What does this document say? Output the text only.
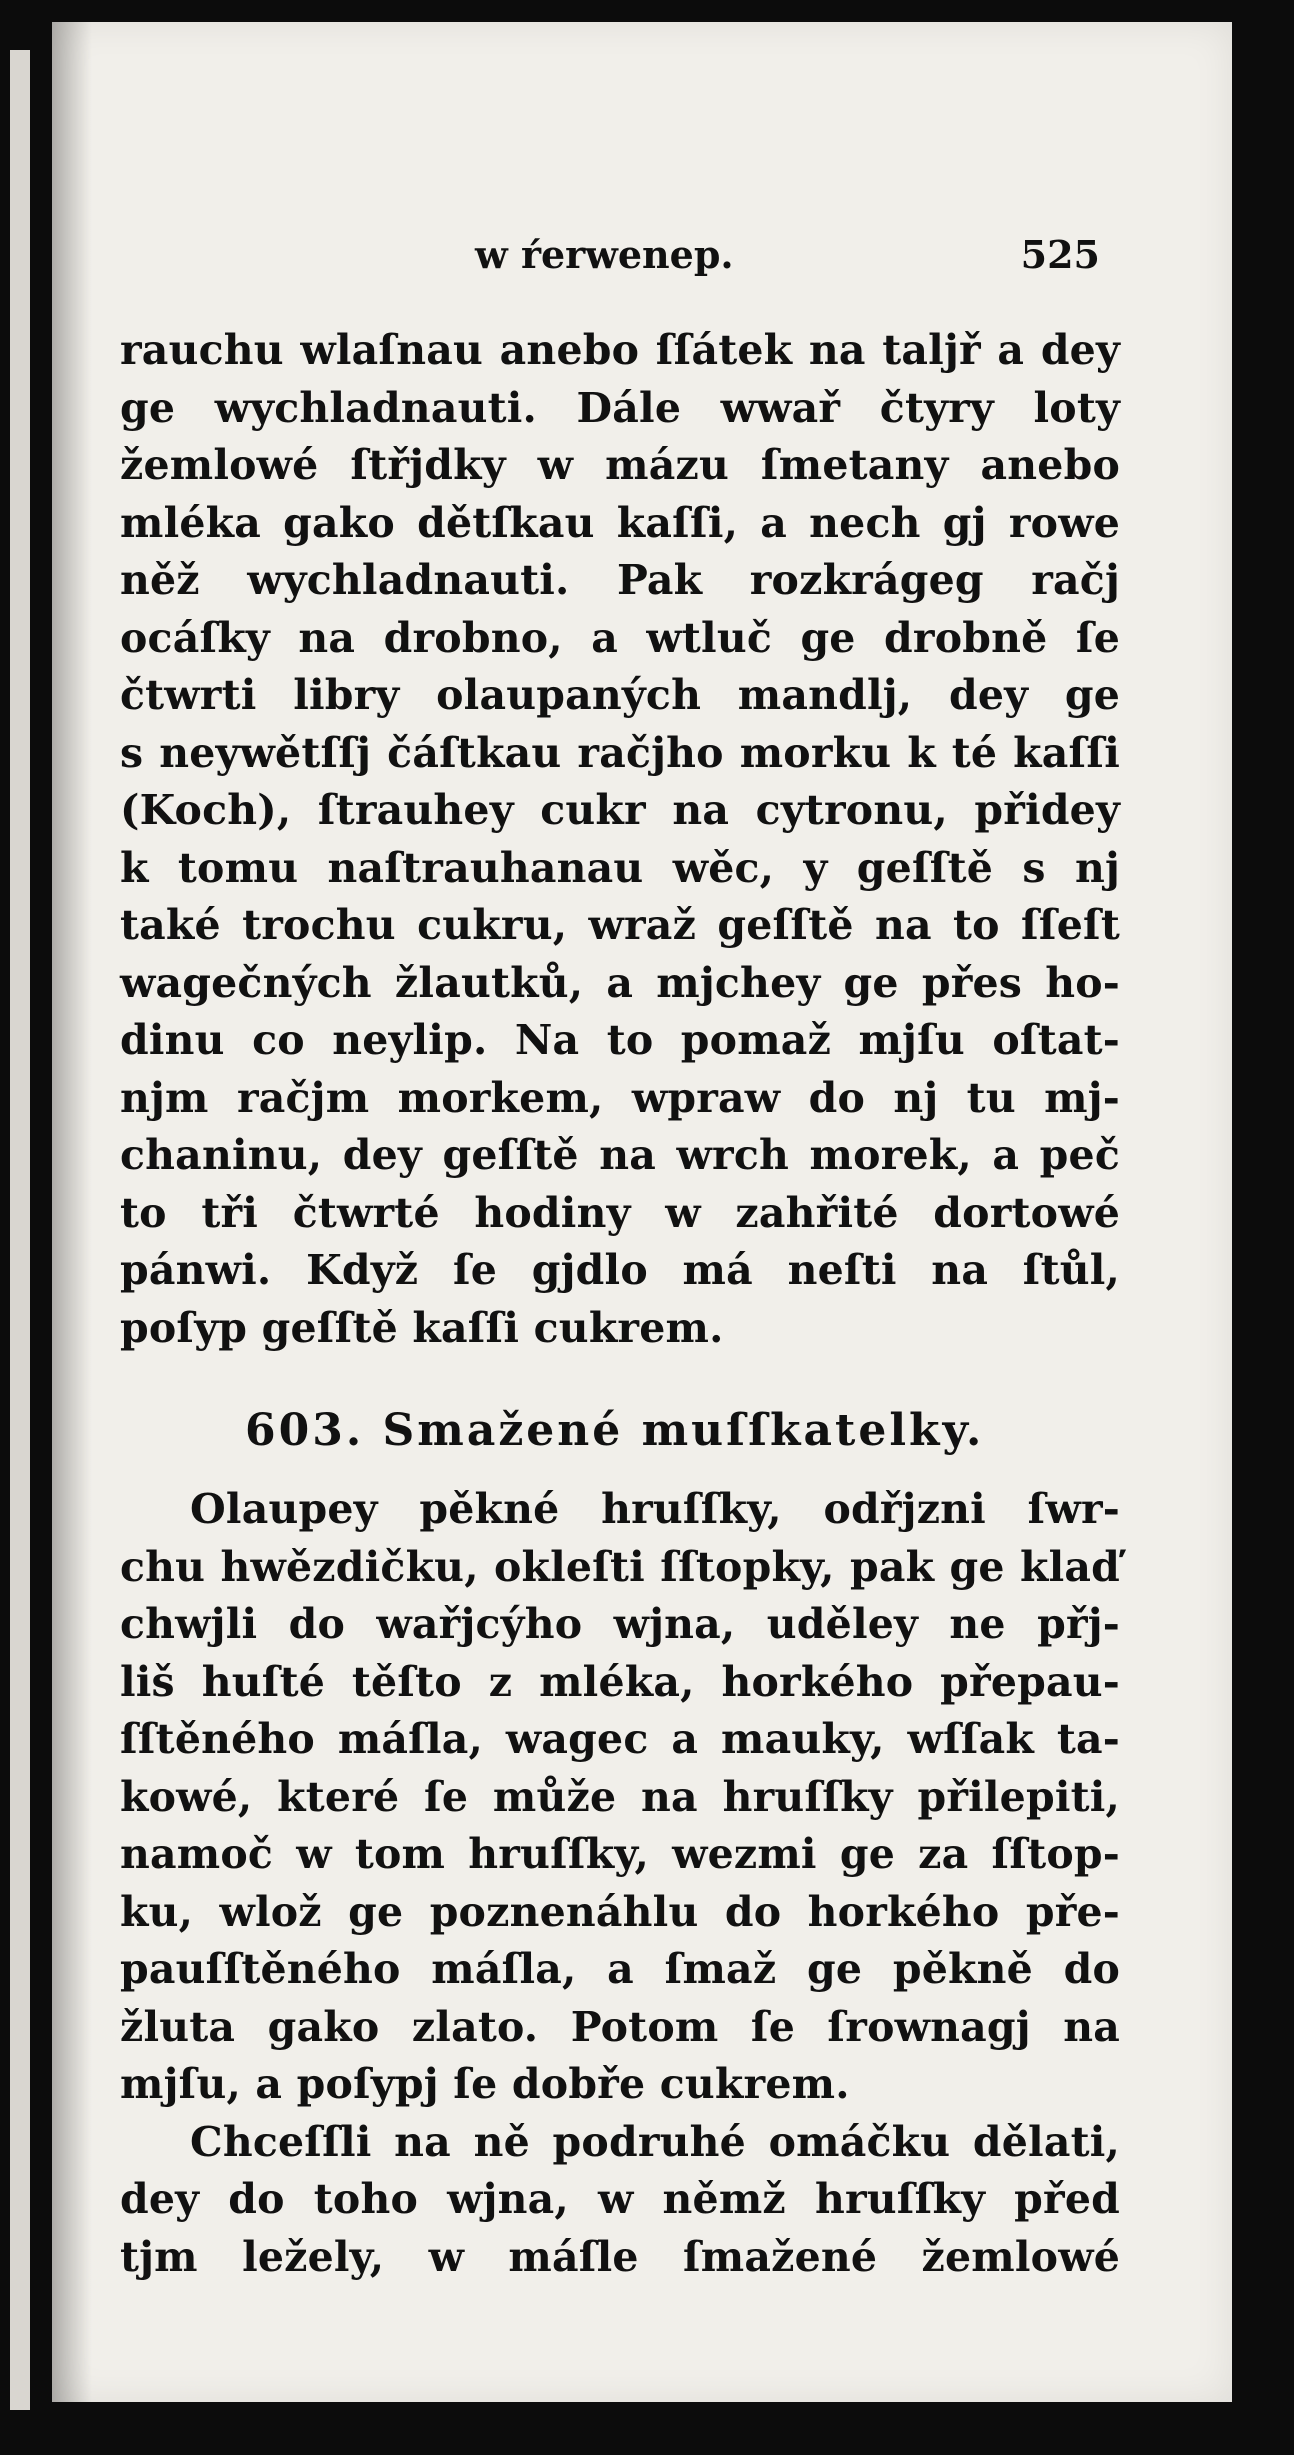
w ŕerwenep.	525
rauchu wlaſnau anebo ſſátek na taljř a dey
ge wychladnauti. Dále wwař čtyry loty
žemlowé ſtřjdky w mázu ſmetany anebo
mléka gako dětſkau kaſſi, a nech gj rowe
něž wychladnauti. Pak rozkrágeg račj
ocáſky na drobno, a wtluč ge drobně ſe
čtwrti libry olaupaných mandlj, dey ge
s neywětſſj čáſtkau račjho morku k té kaſſi
(Koch), ſtrauhey cukr na cytronu, přidey
k tomu naſtrauhanau wěc, y geſſtě s nj
také trochu cukru, wraž geſſtě na to ſſeſt
wagečných žlautků, a mjchey ge přes ho-
dinu co neylip. Na to pomaž mjſu oſtat-
njm račjm morkem, wpraw do nj tu mj-
chaninu, dey geſſtě na wrch morek, a peč
to tři čtwrté hodiny w zahřité dortowé
pánwi. Když ſe gjdlo má neſti na ſtůl,
poſyp geſſtě kaſſi cukrem.
603. Smažené muſſkatelky.
Olaupey pěkné hruſſky, odřjzni ſwr-
chu hwězdičku, okleſti ſſtopky, pak ge klaď
chwjli do wařjcýho wjna, uděley ne přj-
liš huſté těſto z mléka, horkého přepau-
ſſtěného máſla, wagec a mauky, wſſak ta-
kowé, které ſe může na hruſſky přilepiti,
namoč w tom hruſſky, wezmi ge za ſſtop-
ku, wlož ge poznenáhlu do horkého pře-
pauſſtěného máſla, a ſmaž ge pěkně do
žluta gako zlato. Potom ſe ſrownagj na
mjſu, a poſypj ſe dobře cukrem.
Chceſſli na ně podruhé omáčku dělati,
dey do toho wjna, w němž hruſſky před
tjm ležely, w máſle ſmažené žemlowé
